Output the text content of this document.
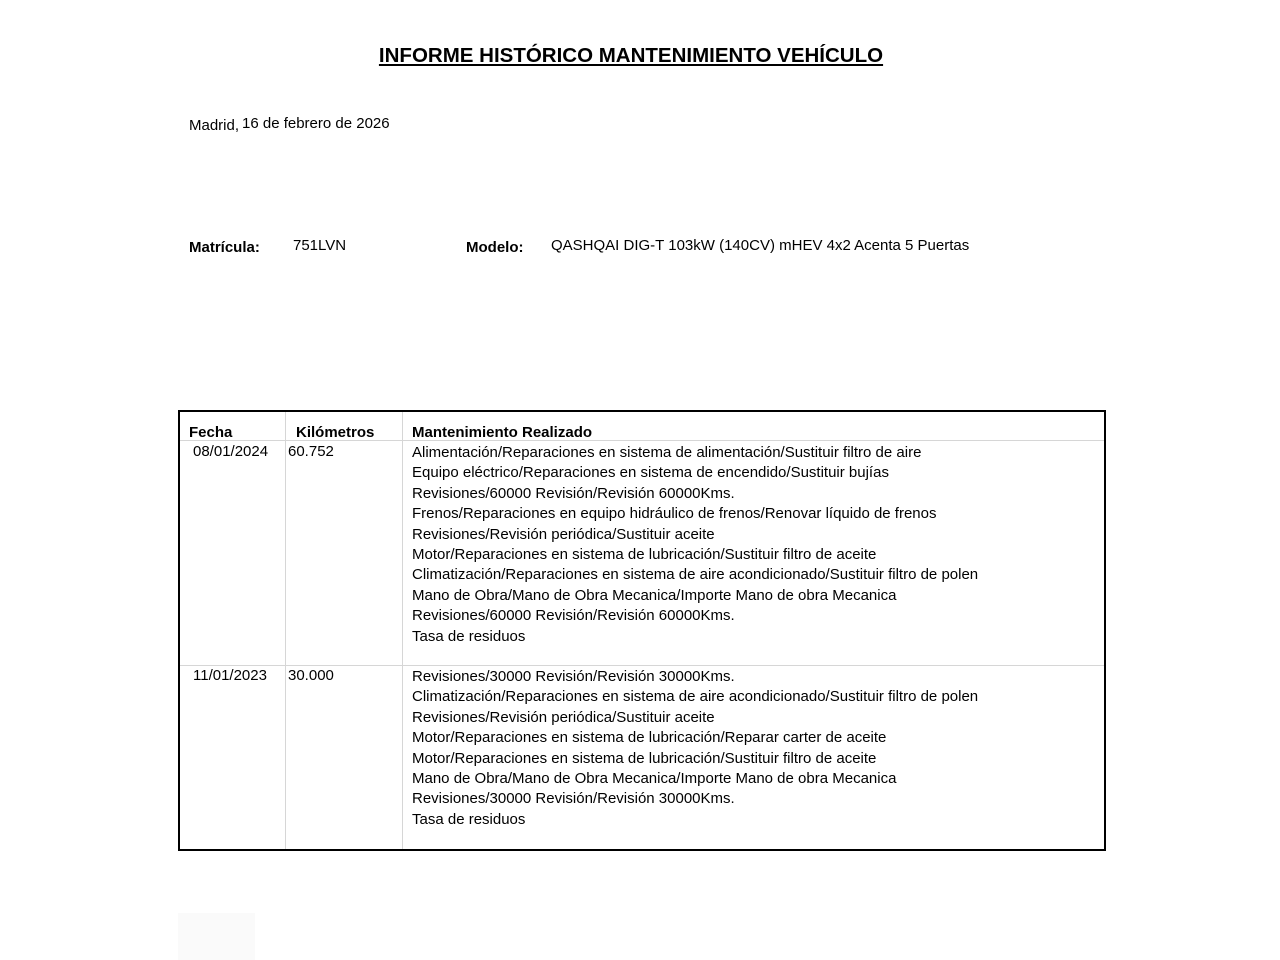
INFORME HISTÓRICO MANTENIMIENTO VEHÍCULO
Madrid, 16 de febrero de 2026
Matrícula: 751LVN	Modelo: QASHQAI DIG-T 103kW (140CV) mHEV 4x2 Acenta 5 Puertas
Fecha	Kilómetros	Mantenimiento Realizado
08/01/2024 60.752	Alimentación/Reparaciones en sistema de alimentación/Sustituir filtro de aire
Equipo eléctrico/Reparaciones en sistema de encendido/Sustituir bujías
Revisiones/60000 Revisión/Revisión 60000Kms.
Frenos/Reparaciones en equipo hidráulico de frenos/Renovar líquido de frenos
Revisiones/Revisión periódica/Sustituir aceite
Motor/Reparaciones en sistema de lubricación/Sustituir filtro de aceite
Climatización/Reparaciones en sistema de aire acondicionado/Sustituir filtro de polen
Mano de Obra/Mano de Obra Mecanica/Importe Mano de obra Mecanica
Revisiones/60000 Revisión/Revisión 60000Kms.
Tasa de residuos
11/01/2023 30.000	Revisiones/30000 Revisión/Revisión 30000Kms.
Climatización/Reparaciones en sistema de aire acondicionado/Sustituir filtro de polen
Revisiones/Revisión periódica/Sustituir aceite
Motor/Reparaciones en sistema de lubricación/Reparar carter de aceite
Motor/Reparaciones en sistema de lubricación/Sustituir filtro de aceite
Mano de Obra/Mano de Obra Mecanica/Importe Mano de obra Mecanica
Revisiones/30000 Revisión/Revisión 30000Kms.
Tasa de residuos
